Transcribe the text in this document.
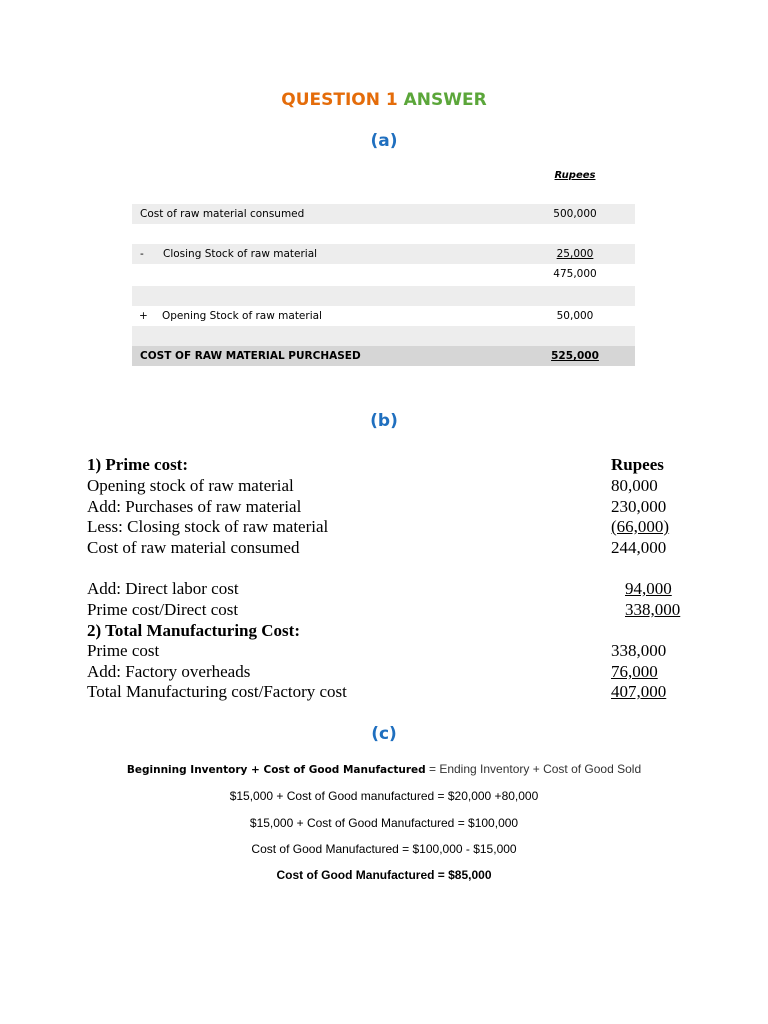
QUESTION 1 ANSWER
(a)
Rupees
Cost of raw material consumed	500,000
- Closing Stock of raw material	25,000
475,000
+ Opening Stock of raw material	50,000
COST OF RAW MATERIAL PURCHASED	525,000
(b)
1) Prime cost:	Rupees
Opening stock of raw material	80,000
Add: Purchases of raw material	230,000
Less: Closing stock of raw material	(66,000)
Cost of raw material consumed	244,000
Add: Direct labor cost	94,000
Prime cost/Direct cost	338,000
2) Total Manufacturing Cost:
Prime cost	338,000
Add: Factory overheads	76,000
Total Manufacturing cost/Factory cost	407,000
(c)
Beginning Inventory + Cost of Good Manufactured = Ending Inventory + Cost of Good Sold
$15,000 + Cost of Good manufactured = $20,000 +80,000
$15,000 + Cost of Good Manufactured = $100,000
Cost of Good Manufactured = $100,000 - $15,000
Cost of Good Manufactured = $85,000
